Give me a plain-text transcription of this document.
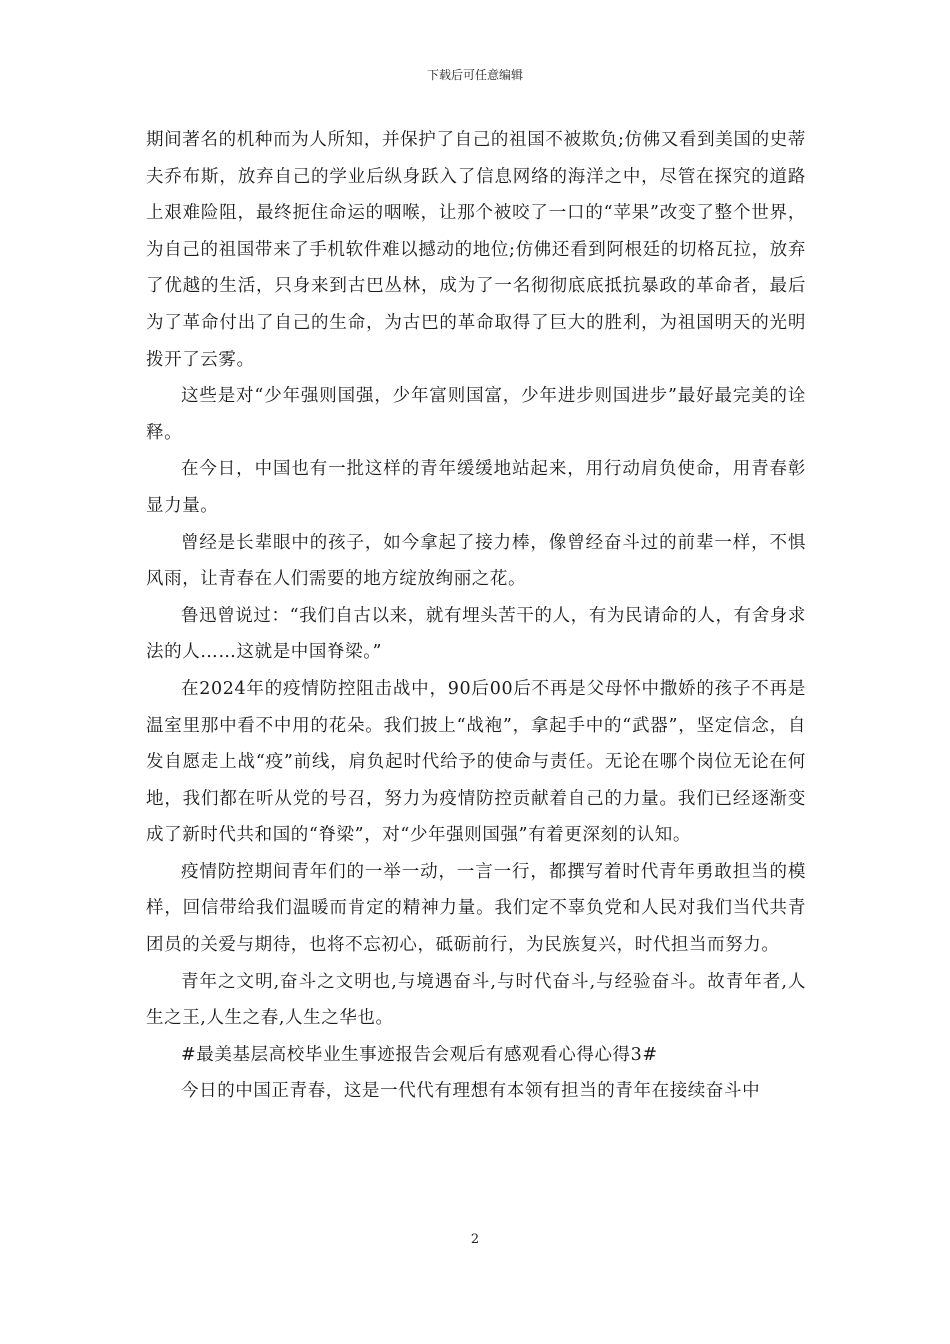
下载后可任意编辑

期间著名的机种而为人所知，并保护了自己的祖国不被欺负;仿佛又看到美国的史蒂夫乔布斯，放弃自己的学业后纵身跃入了信息网络的海洋之中，尽管在探究的道路上艰难险阻，最终扼住命运的咽喉，让那个被咬了一口的“苹果”改变了整个世界，为自己的祖国带来了手机软件难以撼动的地位;仿佛还看到阿根廷的切格瓦拉，放弃了优越的生活，只身来到古巴丛林，成为了一名彻彻底底抵抗暴政的革命者，最后为了革命付出了自己的生命，为古巴的革命取得了巨大的胜利，为祖国明天的光明拨开了云雾。

这些是对“少年强则国强，少年富则国富，少年进步则国进步”最好最完美的诠释。

在今日，中国也有一批这样的青年缓缓地站起来，用行动肩负使命，用青春彰显力量。

曾经是长辈眼中的孩子，如今拿起了接力棒，像曾经奋斗过的前辈一样，不惧风雨，让青春在人们需要的地方绽放绚丽之花。

鲁迅曾说过：“我们自古以来，就有埋头苦干的人，有为民请命的人，有舍身求法的人……这就是中国脊梁。”

在2024年的疫情防控阻击战中，90后00后不再是父母怀中撒娇的孩子不再是温室里那中看不中用的花朵。我们披上“战袍”，拿起手中的“武器”，坚定信念，自发自愿走上战“疫”前线，肩负起时代给予的使命与责任。无论在哪个岗位无论在何地，我们都在听从党的号召，努力为疫情防控贡献着自己的力量。我们已经逐渐变成了新时代共和国的“脊梁”，对“少年强则国强”有着更深刻的认知。

疫情防控期间青年们的一举一动，一言一行，都撰写着时代青年勇敢担当的模样，回信带给我们温暖而肯定的精神力量。我们定不辜负党和人民对我们当代共青团员的关爱与期待，也将不忘初心，砥砺前行，为民族复兴，时代担当而努力。

青年之文明,奋斗之文明也,与境遇奋斗,与时代奋斗,与经验奋斗。故青年者,人生之王,人生之春,人生之华也。

#最美基层高校毕业生事迹报告会观后有感观看心得心得3#

今日的中国正青春，这是一代代有理想有本领有担当的青年在接续奋斗中

2
